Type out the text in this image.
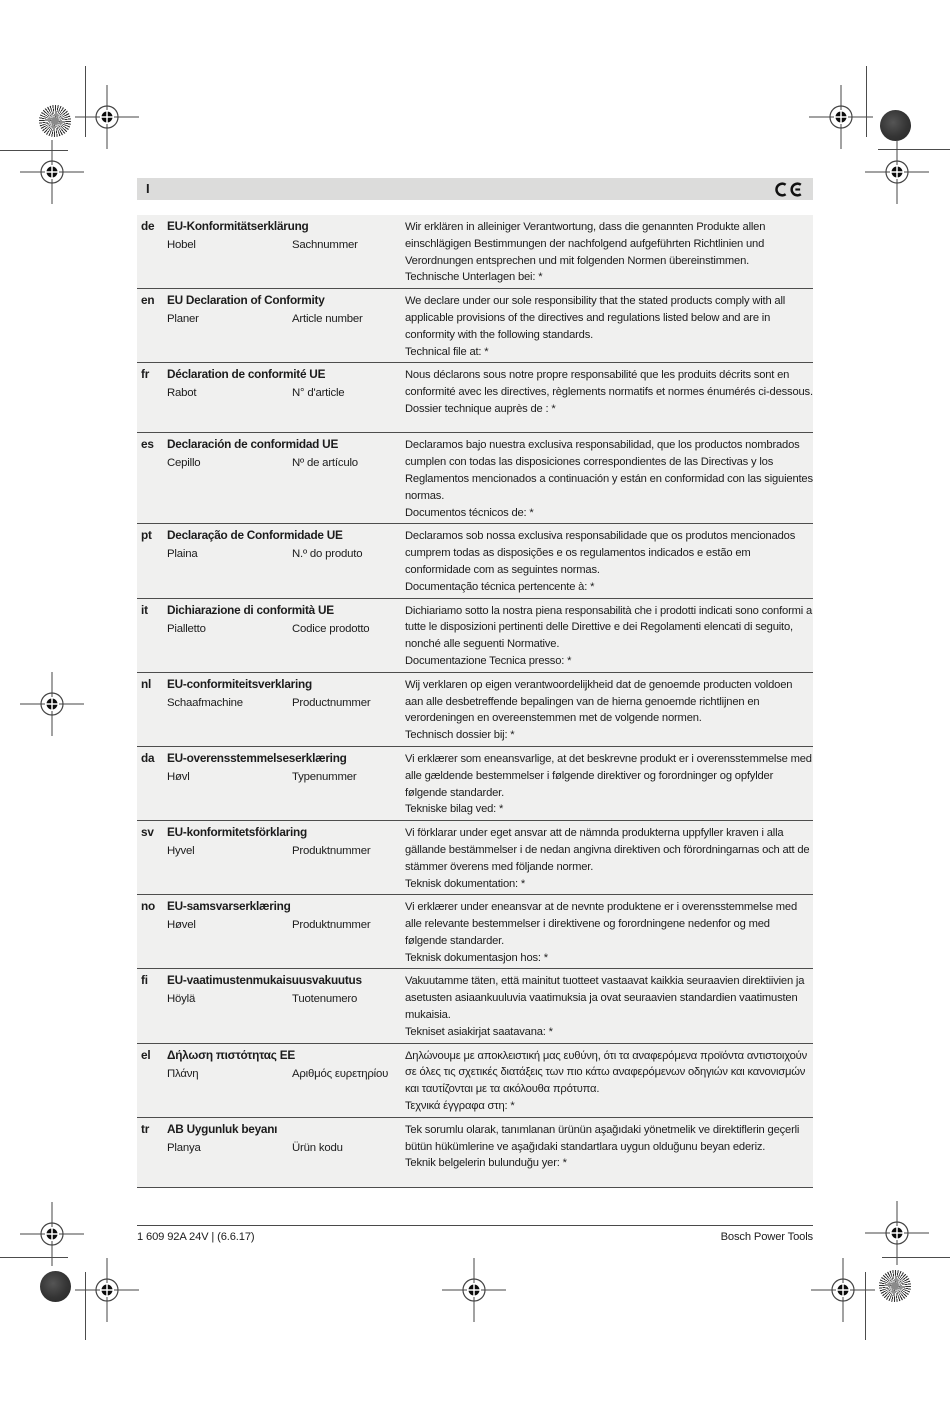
I
de	EU-Konformitätserklärung
Hobel	Sachnummer
Wir erklären in alleiniger Verantwortung, dass die genannten Produkte allen einschlägigen Bestimmungen der nachfolgend aufgeführten Richtlinien und Verordnungen entsprechen und mit folgenden Normen übereinstimmen.
Technische Unterlagen bei: *
en	EU Declaration of Conformity
Planer	Article number
We declare under our sole responsibility that the stated products comply with all applicable provisions of the directives and regulations listed below and are in conformity with the following standards.
Technical file at: *
fr	Déclaration de conformité UE
Rabot	N° d'article
Nous déclarons sous notre propre responsabilité que les produits décrits sont en conformité avec les directives, règlements normatifs et normes énumérés ci-dessous.
Dossier technique auprès de : *
es	Declaración de conformidad UE
Cepillo	Nº de artículo
Declaramos bajo nuestra exclusiva responsabilidad, que los productos nombrados cumplen con todas las disposiciones correspondientes de las Directivas y los Reglamentos mencionados a continuación y están en conformidad con las siguientes normas.
Documentos técnicos de: *
pt	Declaração de Conformidade UE
Plaina	N.º do produto
Declaramos sob nossa exclusiva responsabilidade que os produtos mencionados cumprem todas as disposições e os regulamentos indicados e estão em conformidade com as seguintes normas.
Documentação técnica pertencente à: *
it	Dichiarazione di conformità UE
Pialletto	Codice prodotto
Dichiariamo sotto la nostra piena responsabilità che i prodotti indicati sono conformi a tutte le disposizioni pertinenti delle Direttive e dei Regolamenti elencati di seguito, nonché alle seguenti Normative.
Documentazione Tecnica presso: *
nl	EU-conformiteitsverklaring
Schaafmachine	Productnummer
Wij verklaren op eigen verantwoordelijkheid dat de genoemde producten voldoen aan alle desbetreffende bepalingen van de hierna genoemde richtlijnen en verordeningen en overeenstemmen met de volgende normen.
Technisch dossier bij: *
da	EU-overensstemmelseserklæring
Høvl	Typenummer
Vi erklærer som eneansvarlige, at det beskrevne produkt er i overensstemmelse med alle gældende bestemmelser i følgende direktiver og forordninger og opfylder følgende standarder.
Tekniske bilag ved: *
sv	EU-konformitetsförklaring
Hyvel	Produktnummer
Vi förklarar under eget ansvar att de nämnda produkterna uppfyller kraven i alla gällande bestämmelser i de nedan angivna direktiven och förordningarnas och att de stämmer överens med följande normer.
Teknisk dokumentation: *
no	EU-samsvarserklæring
Høvel	Produktnummer
Vi erklærer under eneansvar at de nevnte produktene er i overensstemmelse med alle relevante bestemmelser i direktivene og forordningene nedenfor og med følgende standarder.
Teknisk dokumentasjon hos: *
fi	EU-vaatimustenmukaisuusvakuutus
Höylä	Tuotenumero
Vakuutamme täten, että mainitut tuotteet vastaavat kaikkia seuraavien direktiivien ja asetusten asiaankuuluvia vaatimuksia ja ovat seuraavien standardien vaatimusten mukaisia.
Tekniset asiakirjat saatavana: *
el	Δήλωση πιστότητας ΕΕ
Πλάνη	Αριθμός ευρετηρίου
Δηλώνουμε με αποκλειστική μας ευθύνη, ότι τα αναφερόμενα προϊόντα αντιστοιχούν σε όλες τις σχετικές διατάξεις των πιο κάτω αναφερόμενων οδηγιών και κανονισμών και ταυτίζονται με τα ακόλουθα πρότυπα.
Τεχνικά έγγραφα στη: *
tr	AB Uygunluk beyanı
Planya	Ürün kodu
Tek sorumlu olarak, tanımlanan ürünün aşağıdaki yönetmelik ve direktiflerin geçerli bütün hükümlerine ve aşağıdaki standartlara uygun olduğunu beyan ederiz.
Teknik belgelerin bulunduğu yer: *
1 609 92A 24V | (6.6.17)	Bosch Power Tools
